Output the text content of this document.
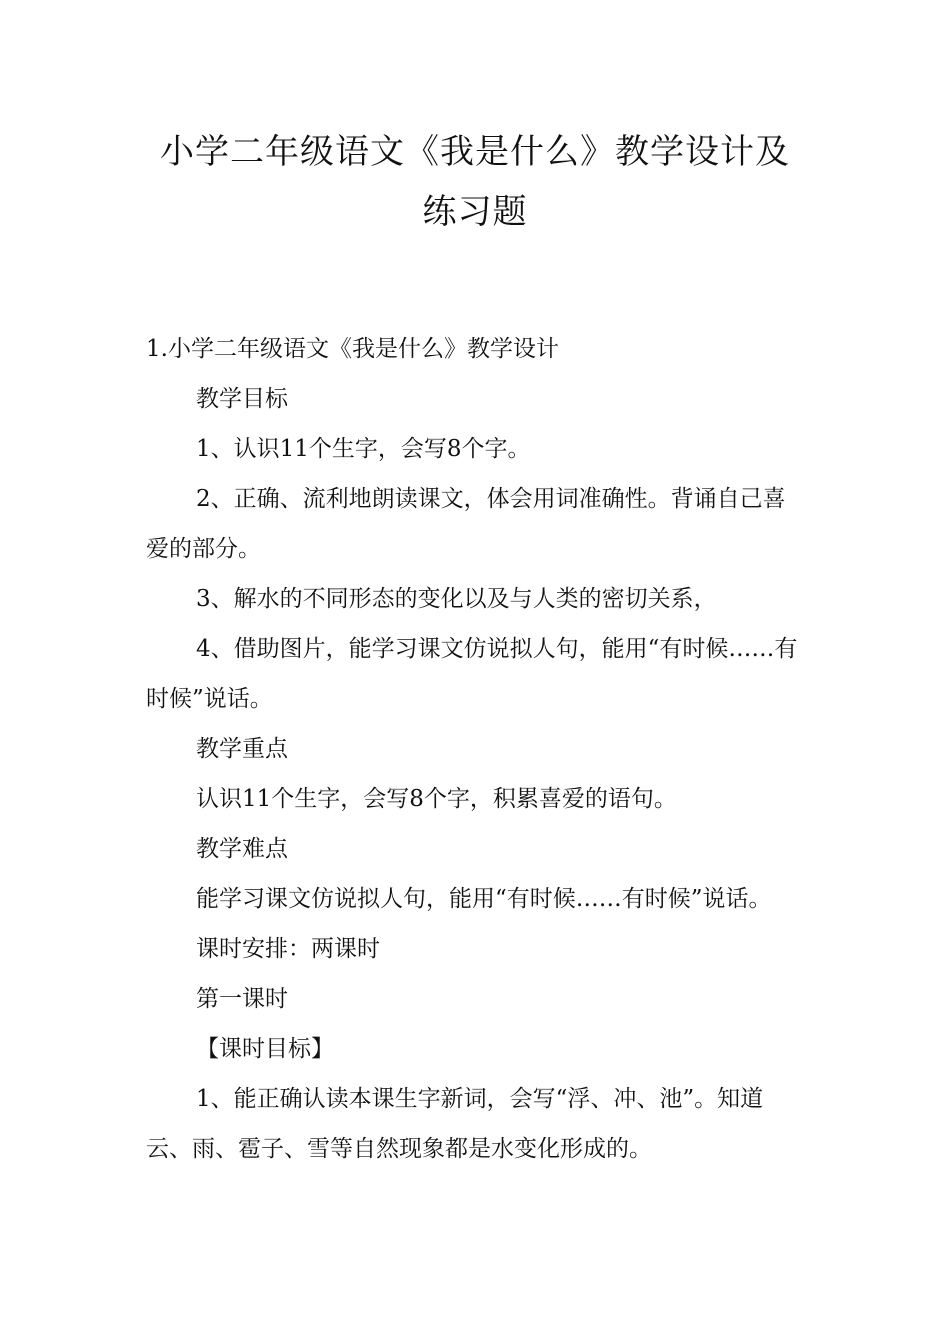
小学二年级语文《我是什么》教学设计及
练习题

1.小学二年级语文《我是什么》教学设计

教学目标

1、认识11个生字，会写8个字。

2、正确、流利地朗读课文，体会用词准确性。背诵自己喜爱的部分。

3、解水的不同形态的变化以及与人类的密切关系，

4、借助图片，能学习课文仿说拟人句，能用“有时候……有时候”说话。

教学重点

认识11个生字，会写8个字，积累喜爱的语句。

教学难点

能学习课文仿说拟人句，能用“有时候……有时候”说话。

课时安排：两课时

第一课时

【课时目标】

1、能正确认读本课生字新词，会写“浮、冲、池”。知道云、雨、雹子、雪等自然现象都是水变化形成的。
